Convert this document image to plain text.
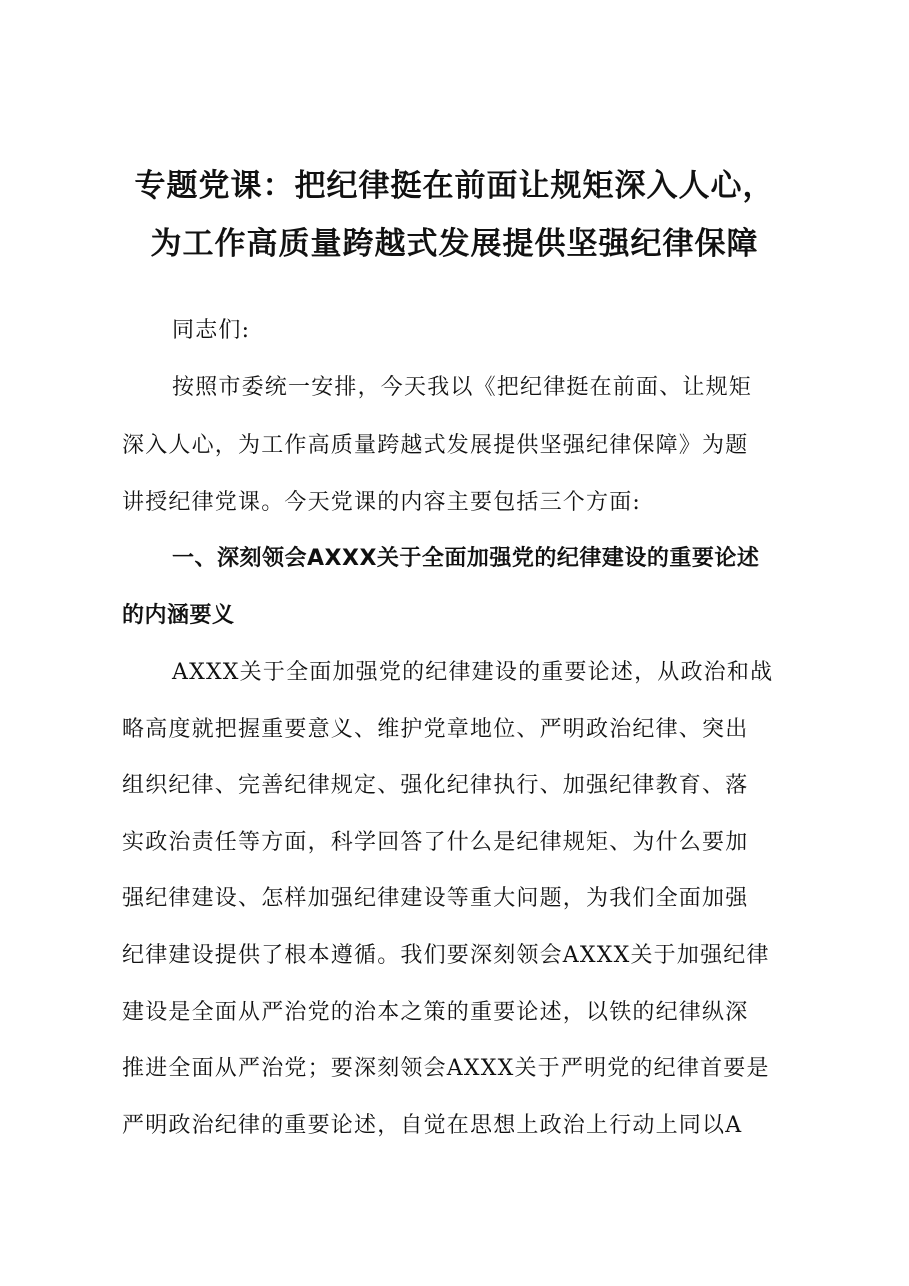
专题党课：把纪律挺在前面让规矩深入人心，
为工作高质量跨越式发展提供坚强纪律保障
同志们:
按照市委统一安排，今天我以《把纪律挺在前面、让规矩
深入人心，为工作高质量跨越式发展提供坚强纪律保障》为题
讲授纪律党课。今天党课的内容主要包括三个方面:
一、深刻领会AXXX关于全面加强党的纪律建设的重要论述
的内涵要义
AXXX关于全面加强党的纪律建设的重要论述，从政治和战
略高度就把握重要意义、维护党章地位、严明政治纪律、突出
组织纪律、完善纪律规定、强化纪律执行、加强纪律教育、落
实政治责任等方面，科学回答了什么是纪律规矩、为什么要加
强纪律建设、怎样加强纪律建设等重大问题，为我们全面加强
纪律建设提供了根本遵循。我们要深刻领会AXXX关于加强纪律
建设是全面从严治党的治本之策的重要论述，以铁的纪律纵深
推进全面从严治党；要深刻领会AXXX关于严明党的纪律首要是
严明政治纪律的重要论述，自觉在思想上政治上行动上同以A
